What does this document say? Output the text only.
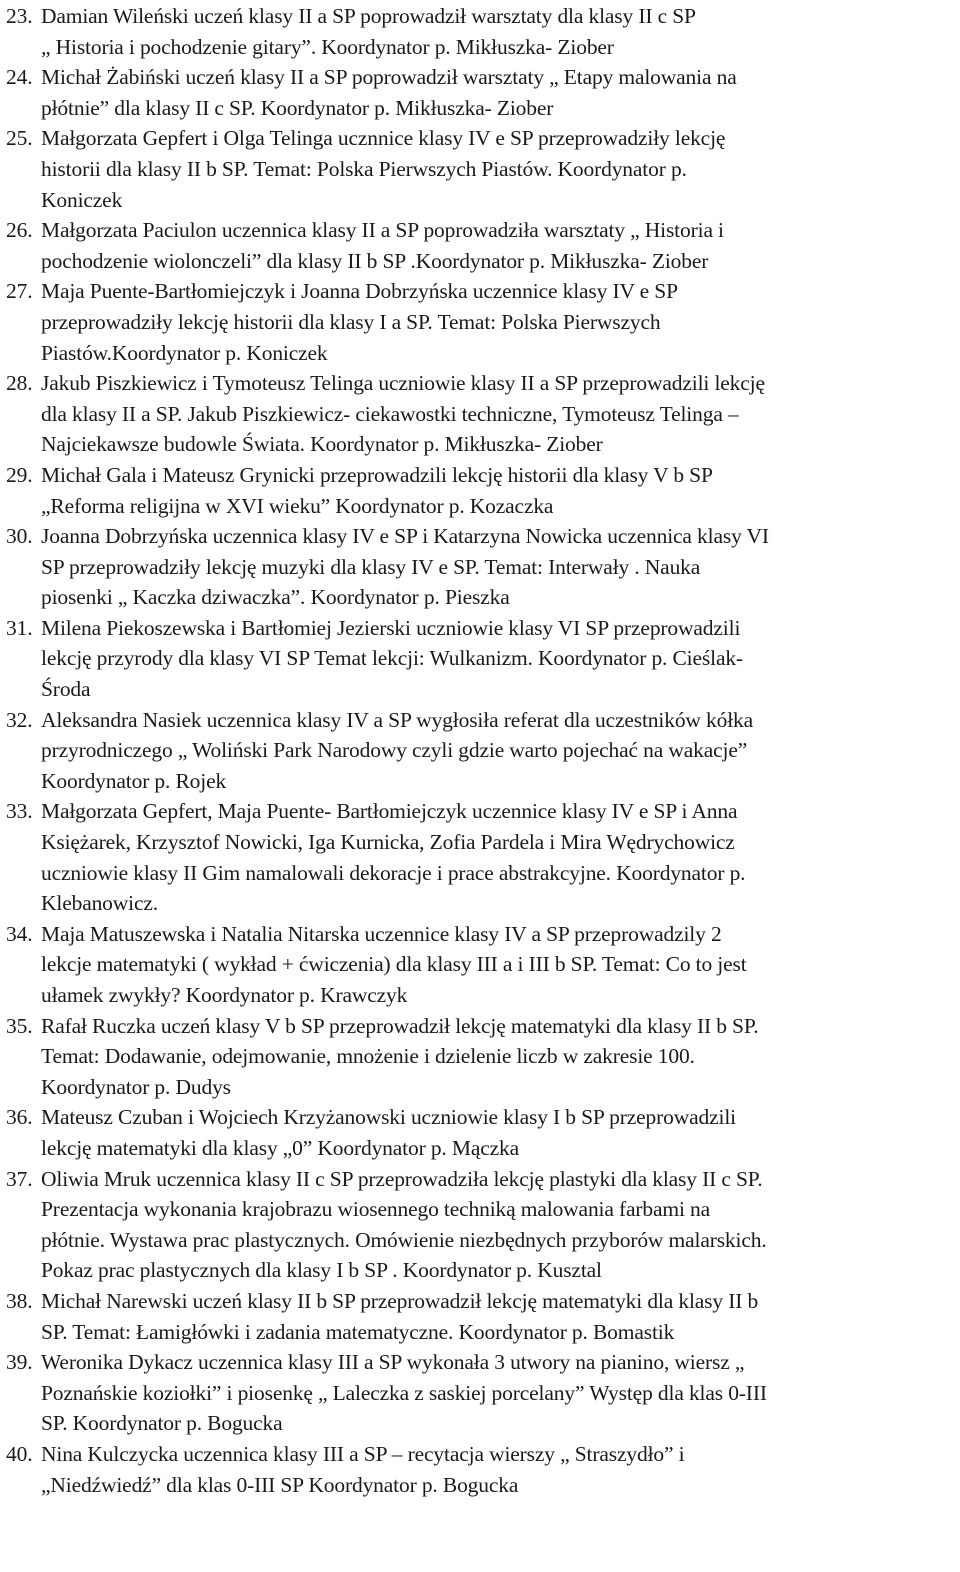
23. Damian Wileński uczeń klasy II a SP poprowadził warsztaty dla klasy II c SP
„ Historia i pochodzenie gitary”. Koordynator p. Mikłuszka- Ziober
24. Michał Żabiński uczeń klasy II a SP poprowadził warsztaty „ Etapy malowania na
płótnie” dla klasy II c SP. Koordynator p. Mikłuszka- Ziober
25. Małgorzata Gepfert i Olga Telinga ucznnice klasy IV e SP przeprowadziły lekcję
historii dla klasy II b SP. Temat: Polska Pierwszych Piastów. Koordynator p.
Koniczek
26. Małgorzata Paciulon uczennica klasy II a SP poprowadziła warsztaty „ Historia i
pochodzenie wiolonczeli” dla klasy II b SP .Koordynator p. Mikłuszka- Ziober
27. Maja Puente-Bartłomiejczyk i Joanna Dobrzyńska uczennice klasy IV e SP
przeprowadziły lekcję historii dla klasy I a SP. Temat: Polska Pierwszych
Piastów.Koordynator p. Koniczek
28. Jakub Piszkiewicz i Tymoteusz Telinga uczniowie klasy II a SP przeprowadzili lekcję
dla klasy II a SP. Jakub Piszkiewicz- ciekawostki techniczne, Tymoteusz Telinga –
Najciekawsze budowle Świata. Koordynator p. Mikłuszka- Ziober
29. Michał Gala i Mateusz Grynicki przeprowadzili lekcję historii dla klasy V b SP
„Reforma religijna w XVI wieku” Koordynator p. Kozaczka
30. Joanna Dobrzyńska uczennica klasy IV e SP i Katarzyna Nowicka uczennica klasy VI
SP przeprowadziły lekcję muzyki dla klasy IV e SP. Temat: Interwały . Nauka
piosenki „ Kaczka dziwaczka”. Koordynator p. Pieszka
31. Milena Piekoszewska i Bartłomiej Jezierski uczniowie klasy VI SP przeprowadzili
lekcję przyrody dla klasy VI SP Temat lekcji: Wulkanizm. Koordynator p. Cieślak-
Środa
32. Aleksandra Nasiek uczennica klasy IV a SP wygłosiła referat dla uczestników kółka
przyrodniczego „ Woliński Park Narodowy czyli gdzie warto pojechać na wakacje”
Koordynator p. Rojek
33. Małgorzata Gepfert, Maja Puente- Bartłomiejczyk uczennice klasy IV e SP i Anna
Księżarek, Krzysztof Nowicki, Iga Kurnicka, Zofia Pardela i Mira Wędrychowicz
uczniowie klasy II Gim namalowali dekoracje i prace abstrakcyjne. Koordynator p.
Klebanowicz.
34. Maja Matuszewska i Natalia Nitarska uczennice klasy IV a SP przeprowadzily 2
lekcje matematyki ( wykład + ćwiczenia) dla klasy III a i III b SP. Temat: Co to jest
ułamek zwykły? Koordynator p. Krawczyk
35. Rafał Ruczka uczeń klasy V b SP przeprowadził lekcję matematyki dla klasy II b SP.
Temat: Dodawanie, odejmowanie, mnożenie i dzielenie liczb w zakresie 100.
Koordynator p. Dudys
36. Mateusz Czuban i Wojciech Krzyżanowski uczniowie klasy I b SP przeprowadzili
lekcję matematyki dla klasy „0” Koordynator p. Mączka
37. Oliwia Mruk uczennica klasy II c SP przeprowadziła lekcję plastyki dla klasy II c SP.
Prezentacja wykonania krajobrazu wiosennego techniką malowania farbami na
płótnie. Wystawa prac plastycznych. Omówienie niezbędnych przyborów malarskich.
Pokaz prac plastycznych dla klasy I b SP . Koordynator p. Kusztal
38. Michał Narewski uczeń klasy II b SP przeprowadził lekcję matematyki dla klasy II b
SP. Temat: Łamigłówki i zadania matematyczne. Koordynator p. Bomastik
39. Weronika Dykacz uczennica klasy III a SP wykonała 3 utwory na pianino, wiersz „
Poznańskie koziołki” i piosenkę „ Laleczka z saskiej porcelany” Występ dla klas 0-III
SP. Koordynator p. Bogucka
40. Nina Kulczycka uczennica klasy III a SP – recytacja wierszy „ Straszydło” i
„Niedźwiedź” dla klas 0-III SP Koordynator p. Bogucka
